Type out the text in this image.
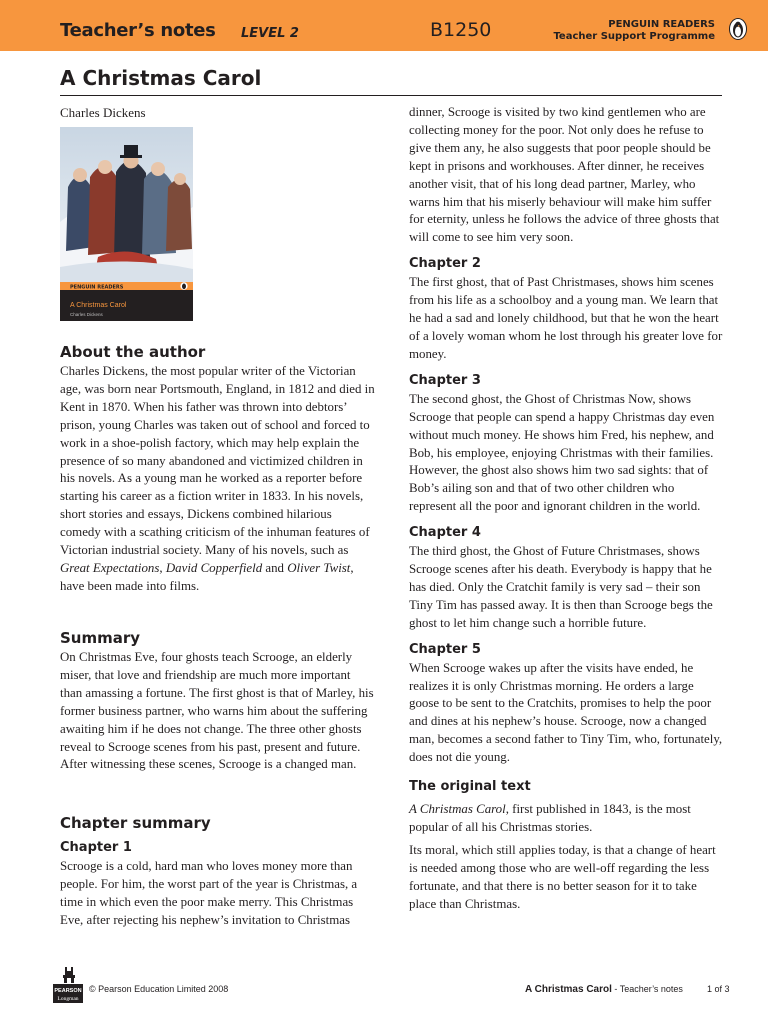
Teacher’s notes LEVEL 2	B1250	PENGUIN READERS
Teacher Support Programme
A Christmas Carol
Charles Dickens
PENGUIN READERS
A Christmas Carol
Charles Dickens
About the author

Charles Dickens, the most popular writer of the Victorian age, was born near Portsmouth, England, in 1812 and died in Kent in 1870. When his father was thrown into debtors’ prison, young Charles was taken out of school and forced to work in a shoe-polish factory, which may help explain the presence of so many abandoned and victimized children in his novels. As a young man he worked as a reporter before starting his career as a fiction writer in 1833. In his novels, short stories and essays, Dickens combined hilarious comedy with a scathing criticism of the inhuman features of Victorian industrial society. Many of his novels, such as Great Expectations, David Copperfield and Oliver Twist, have been made into films.

Summary

On Christmas Eve, four ghosts teach Scrooge, an elderly miser, that love and friendship are much more important than amassing a fortune. The first ghost is that of Marley, his former business partner, who warns him about the suffering awaiting him if he does not change. The three other ghosts reveal to Scrooge scenes from his past, present and future. After witnessing these scenes, Scrooge is a changed man.

Chapter summary
Chapter 1

Scrooge is a cold, hard man who loves money more than people. For him, the worst part of the year is Christmas, a time in which even the poor make merry. This Christmas Eve, after rejecting his nephew’s invitation to Christmas

dinner, Scrooge is visited by two kind gentlemen who are collecting money for the poor. Not only does he refuse to give them any, he also suggests that poor people should be kept in prisons and workhouses. After dinner, he receives another visit, that of his long dead partner, Marley, who warns him that his miserly behaviour will make him suffer for eternity, unless he follows the advice of three ghosts that will come to see him very soon.

Chapter 2

The first ghost, that of Past Christmases, shows him scenes from his life as a schoolboy and a young man. We learn that he had a sad and lonely childhood, but that he won the heart of a lovely woman whom he lost through his greater love for money.

Chapter 3

The second ghost, the Ghost of Christmas Now, shows Scrooge that people can spend a happy Christmas day even without much money. He shows him Fred, his nephew, and Bob, his employee, enjoying Christmas with their families. However, the ghost also shows him two sad sights: that of Bob’s ailing son and that of two other children who represent all the poor and ignorant children in the world.

Chapter 4

The third ghost, the Ghost of Future Christmases, shows Scrooge scenes after his death. Everybody is happy that he has died. Only the Cratchit family is very sad – their son Tiny Tim has passed away. It is then than Scrooge begs the ghost to let him change such a horrible future.

Chapter 5

When Scrooge wakes up after the visits have ended, he realizes it is only Christmas morning. He orders a large goose to be sent to the Cratchits, promises to help the poor and dines at his nephew’s house. Scrooge, now a changed man, becomes a second father to Tiny Tim, who, fortunately, does not die young.

The original text

A Christmas Carol, first published in 1843, is the most popular of all his Christmas stories.

Its moral, which still applies today, is that a change of heart is needed among those who are well-off regarding the less fortunate, and that there is no better season for it to take place than Christmas.

PEARSON
Longman
© Pearson Education Limited 2008	A Christmas Carol - Teacher’s notes	1 of 3
